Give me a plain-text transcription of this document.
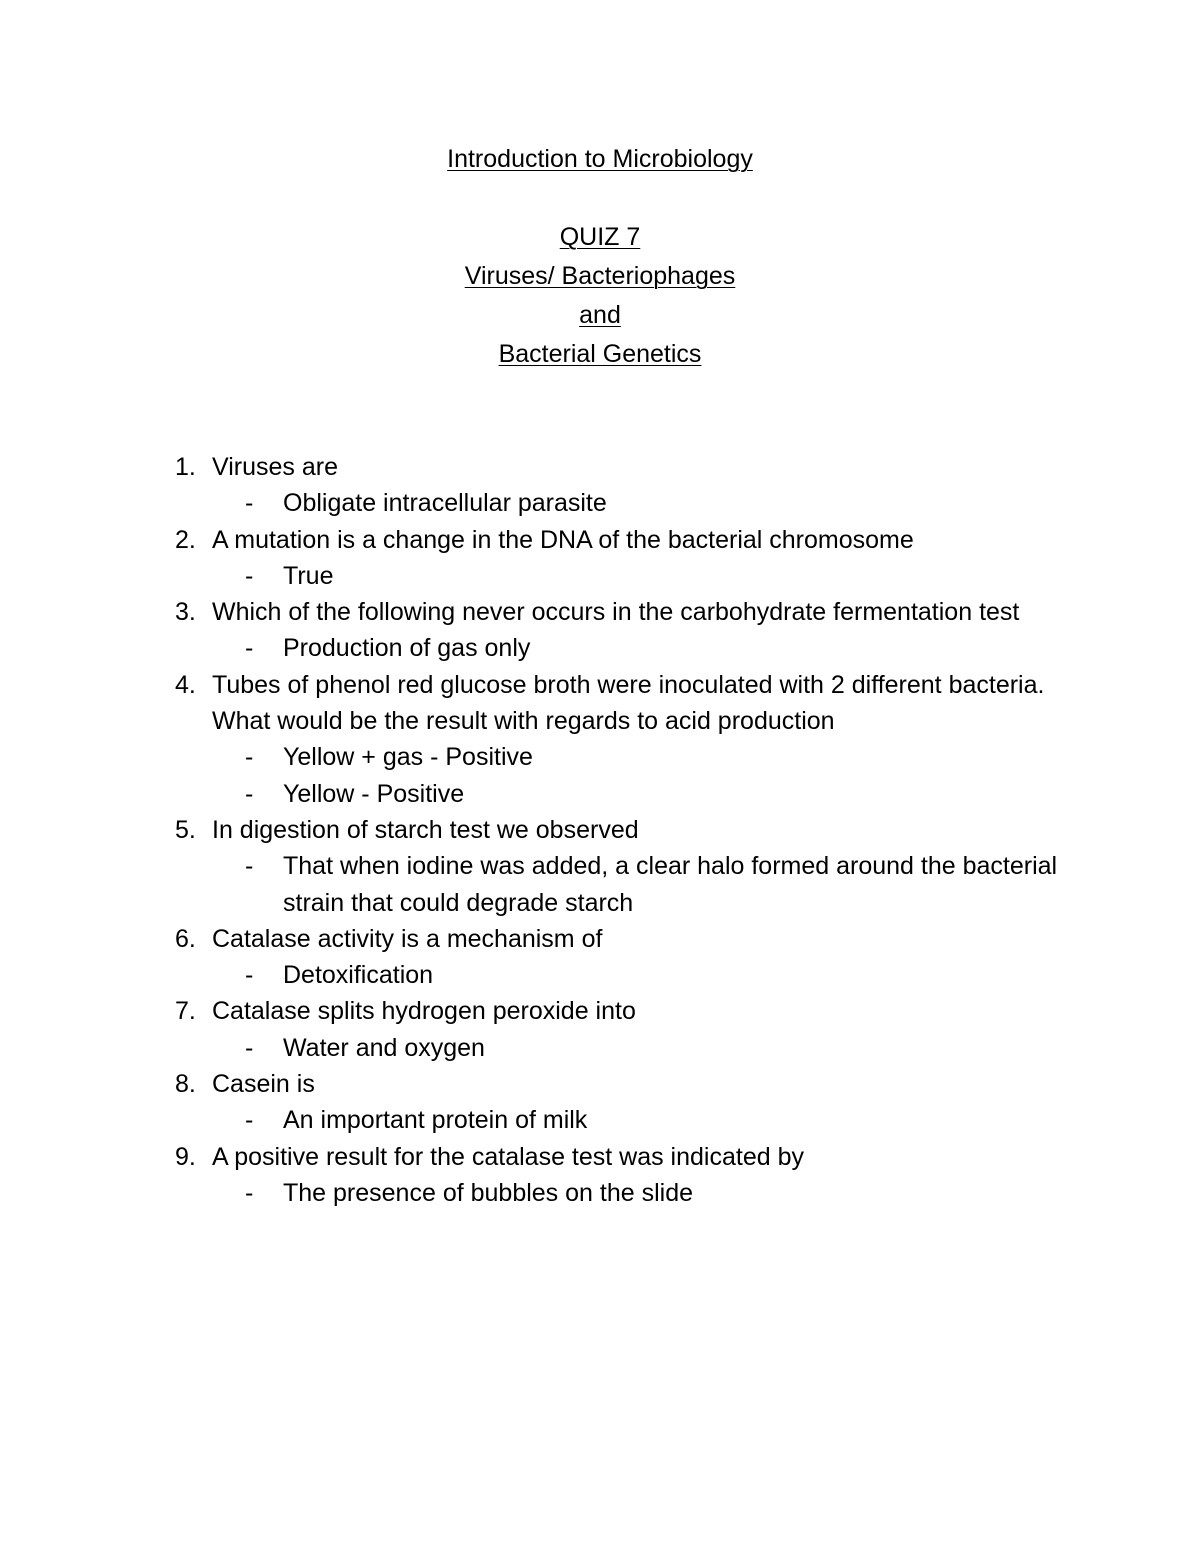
Introduction to Microbiology
QUIZ 7
Viruses/ Bacteriophages
and
Bacterial Genetics
1. Viruses are
- Obligate intracellular parasite
2. A mutation is a change in the DNA of the bacterial chromosome
- True
3. Which of the following never occurs in the carbohydrate fermentation test
- Production of gas only
4. Tubes of phenol red glucose broth were inoculated with 2 different bacteria. What would be the result with regards to acid production
- Yellow + gas - Positive
- Yellow - Positive
5. In digestion of starch test we observed
- That when iodine was added, a clear halo formed around the bacterial strain that could degrade starch
6. Catalase activity is a mechanism of
- Detoxification
7. Catalase splits hydrogen peroxide into
- Water and oxygen
8. Casein is
- An important protein of milk
9. A positive result for the catalase test was indicated by
- The presence of bubbles on the slide
